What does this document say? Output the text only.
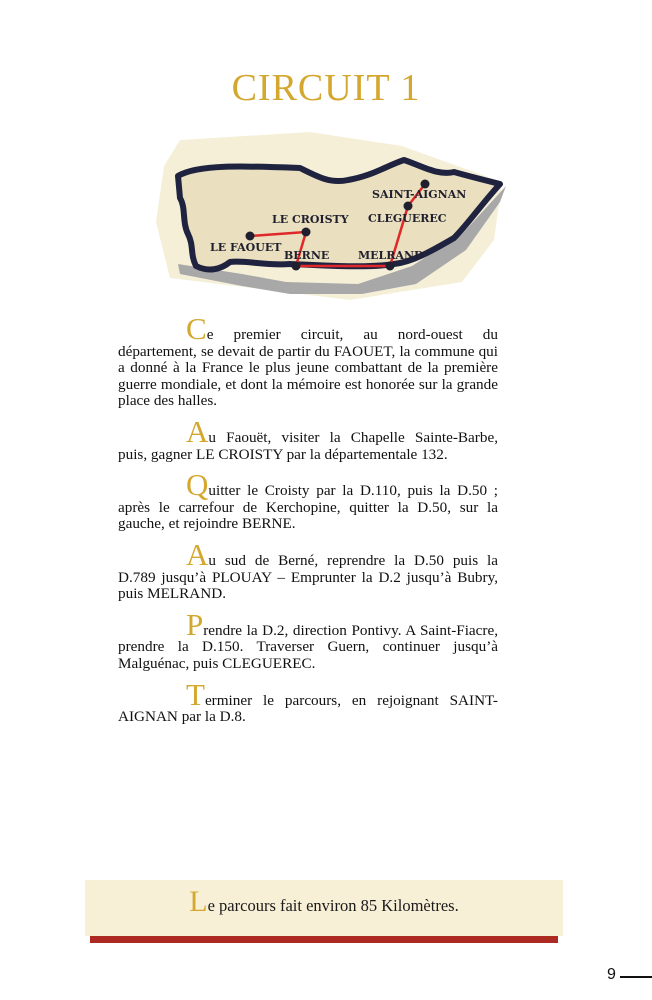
CIRCUIT 1
SAINT-AIGNAN
LE CROISTY CLEGUEREC
LE FAOUET
BERNE	MELRAND

Ce premier circuit, au nord-ouest du département, se devait de partir du FAOUET, la commune qui a donné à la France le plus jeune combattant de la première guerre mondiale, et dont la mémoire est honorée sur la grande place des halles.

Au Faouët, visiter la Chapelle Sainte-Barbe, puis, gagner LE CROISTY par la départementale 132.

Quitter le Croisty par la D.110, puis la D.50 ; après le carrefour de Kerchopine, quitter la D.50, sur la gauche, et rejoindre BERNE.

Au sud de Berné, reprendre la D.50 puis la D.789 jusqu’à PLOUAY – Emprunter la D.2 jusqu’à Bubry, puis MELRAND.

Prendre la D.2, direction Pontivy. A Saint-Fiacre, prendre la D.150. Traverser Guern, continuer jusqu’à Malguénac, puis CLEGUEREC.

Terminer le parcours, en rejoignant SAINT-AIGNAN par la D.8.

Le parcours fait environ 85 Kilomètres.
9
